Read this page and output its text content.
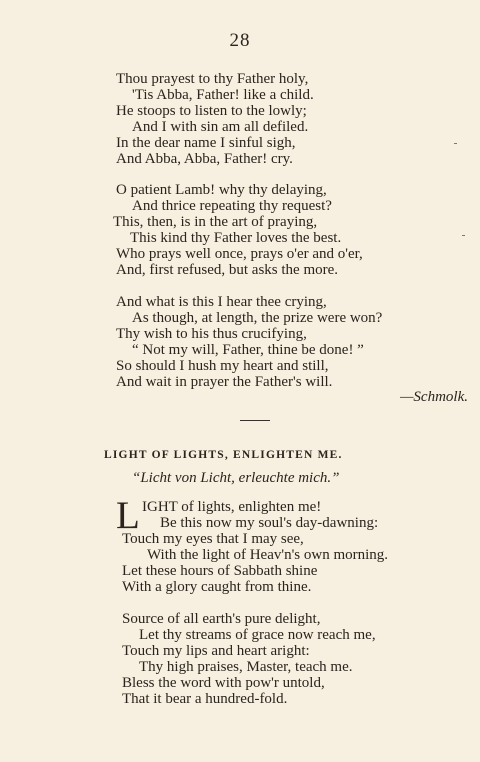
28
Thou prayest to thy Father holy,
'Tis Abba, Father! like a child.
He stoops to listen to the lowly;
And I with sin am all defiled.
In the dear name I sinful sigh,
And Abba, Abba, Father! cry.
O patient Lamb! why thy delaying,
And thrice repeating thy request?
This, then, is in the art of praying,
This kind thy Father loves the best.
Who prays well once, prays o'er and o'er,
And, first refused, but asks the more.
And what is this I hear thee crying,
As though, at length, the prize were won?
Thy wish to his thus crucifying,
“ Not my will, Father, thine be done! ”
So should I hush my heart and still,
And wait in prayer the Father's will.
—Schmolk.
LIGHT OF LIGHTS, ENLIGHTEN ME.
“Licht von Licht, erleuchte mich.”
L IGHT of lights, enlighten me!
Be this now my soul's day-dawning:
Touch my eyes that I may see,
With the light of Heav'n's own morning.
Let these hours of Sabbath shine
With a glory caught from thine.
Source of all earth's pure delight,
Let thy streams of grace now reach me,
Touch my lips and heart aright:
Thy high praises, Master, teach me.
Bless the word with pow'r untold,
That it bear a hundred-fold.
